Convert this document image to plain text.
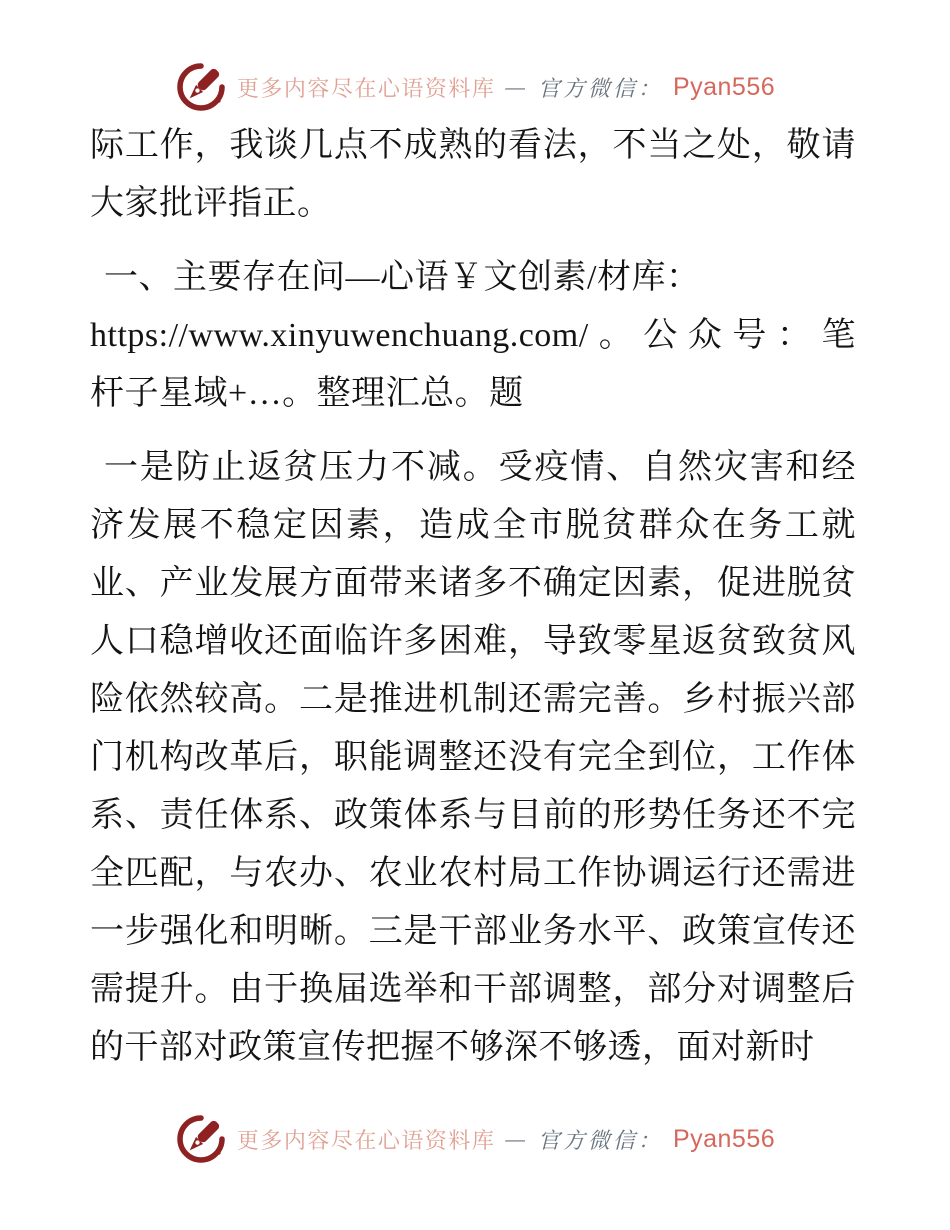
更多内容尽在心语资料库 — 官方微信： Pyan556
际工作，我谈几点不成熟的看法，不当之处，敬请
大家批评指正。
一、主要存在问—心语￥文创素/材库：
https://www.xinyuwenchuang.com/。公众号：笔
杆子星域+…。整理汇总。题
一是防止返贫压力不减。受疫情、自然灾害和经
济发展不稳定因素，造成全市脱贫群众在务工就
业、产业发展方面带来诸多不确定因素，促进脱贫
人口稳增收还面临许多困难，导致零星返贫致贫风
险依然较高。二是推进机制还需完善。乡村振兴部
门机构改革后，职能调整还没有完全到位，工作体
系、责任体系、政策体系与目前的形势任务还不完
全匹配，与农办、农业农村局工作协调运行还需进
一步强化和明晰。三是干部业务水平、政策宣传还
需提升。由于换届选举和干部调整，部分对调整后
的干部对政策宣传把握不够深不够透，面对新时
更多内容尽在心语资料库 — 官方微信： Pyan556
